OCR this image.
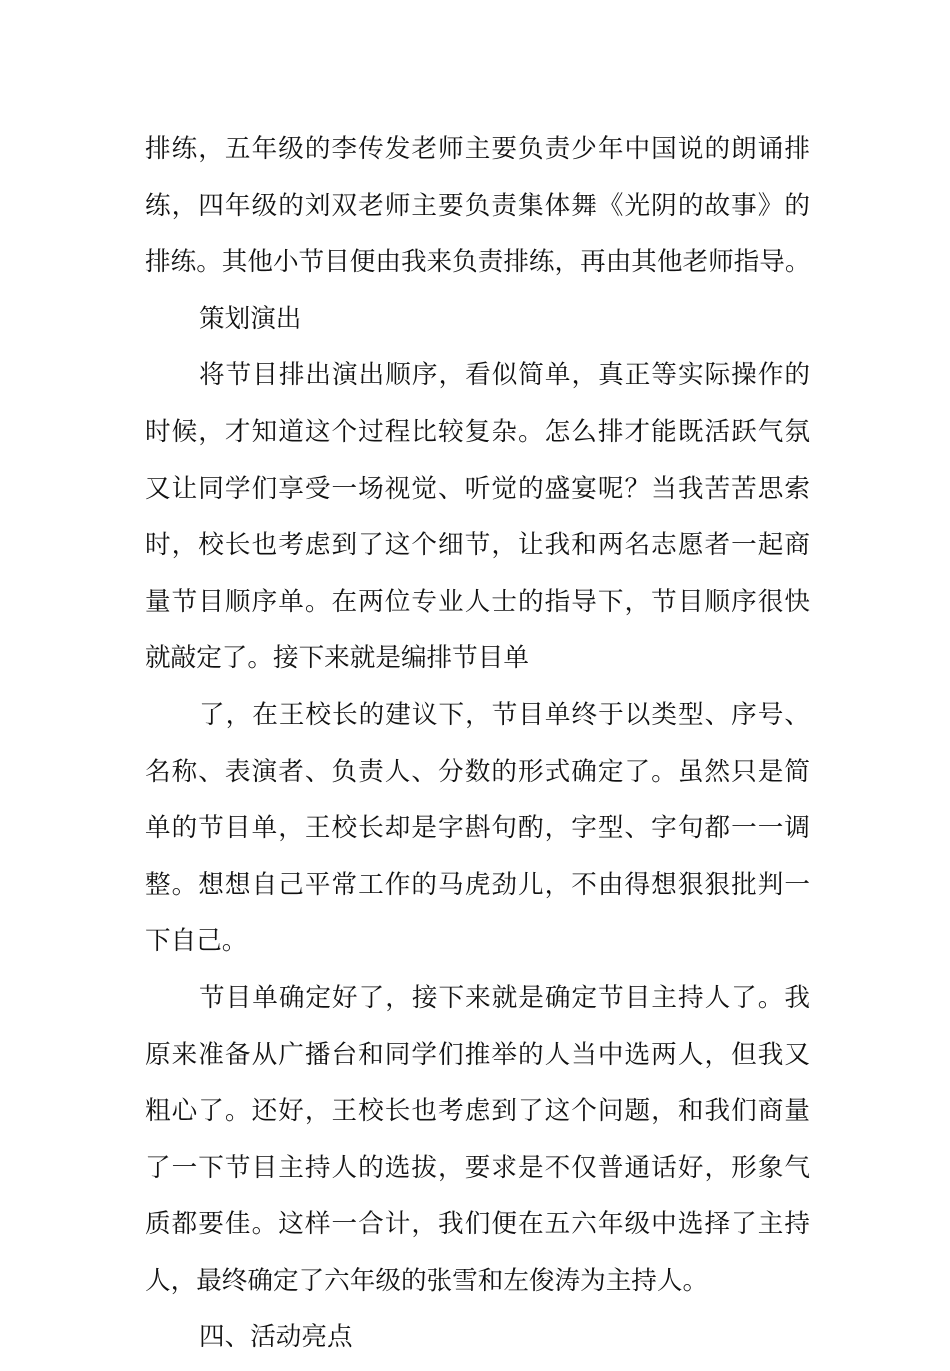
排练，五年级的李传发老师主要负责少年中国说的朗诵排
练，四年级的刘双老师主要负责集体舞《光阴的故事》的
排练。其他小节目便由我来负责排练，再由其他老师指导。
策划演出
将节目排出演出顺序，看似简单，真正等实际操作的
时候，才知道这个过程比较复杂。怎么排才能既活跃气氛
又让同学们享受一场视觉、听觉的盛宴呢？当我苦苦思索
时，校长也考虑到了这个细节，让我和两名志愿者一起商
量节目顺序单。在两位专业人士的指导下，节目顺序很快
就敲定了。接下来就是编排节目单
了，在王校长的建议下，节目单终于以类型、序号、
名称、表演者、负责人、分数的形式确定了。虽然只是简
单的节目单，王校长却是字斟句酌，字型、字句都一一调
整。想想自己平常工作的马虎劲儿，不由得想狠狠批判一
下自己。
节目单确定好了，接下来就是确定节目主持人了。我
原来准备从广播台和同学们推举的人当中选两人，但我又
粗心了。还好，王校长也考虑到了这个问题，和我们商量
了一下节目主持人的选拔，要求是不仅普通话好，形象气
质都要佳。这样一合计，我们便在五六年级中选择了主持
人，最终确定了六年级的张雪和左俊涛为主持人。
四、活动亮点
